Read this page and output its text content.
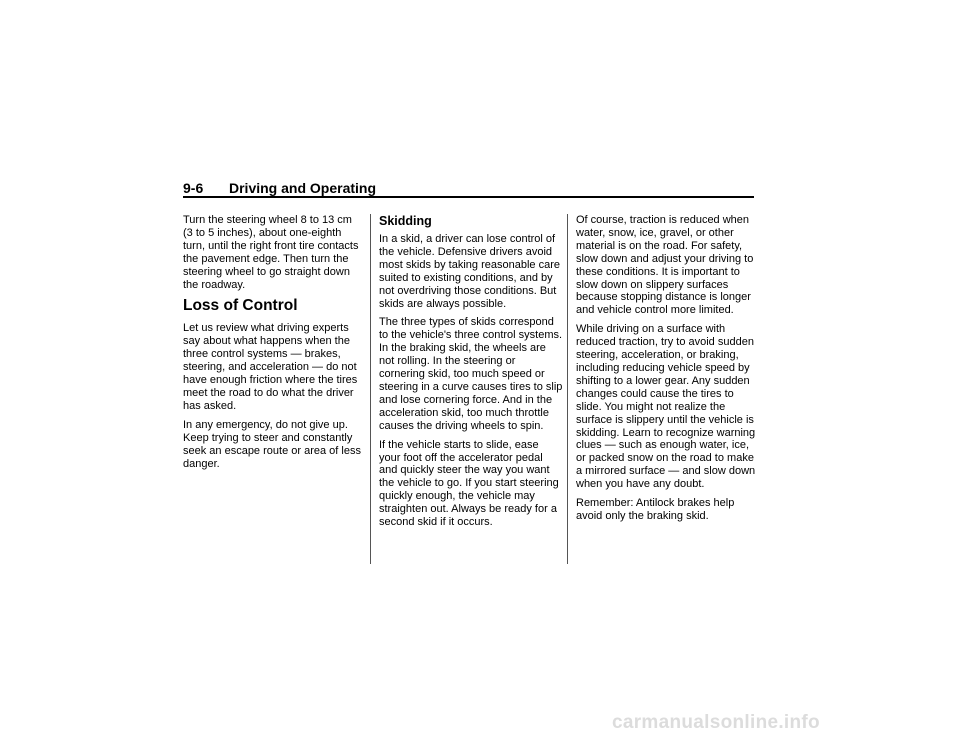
9-6 Driving and Operating

Turn the steering wheel 8 to 13 cm (3 to 5 inches), about one-eighth turn, until the right front tire contacts the pavement edge. Then turn the steering wheel to go straight down the roadway.

Loss of Control

Let us review what driving experts say about what happens when the three control systems — brakes, steering, and acceleration — do not have enough friction where the tires meet the road to do what the driver has asked.

In any emergency, do not give up. Keep trying to steer and constantly seek an escape route or area of less danger.

Skidding

In a skid, a driver can lose control of the vehicle. Defensive drivers avoid most skids by taking reasonable care suited to existing conditions, and by not overdriving those conditions. But skids are always possible.

The three types of skids correspond to the vehicle's three control systems. In the braking skid, the wheels are not rolling. In the steering or cornering skid, too much speed or steering in a curve causes tires to slip and lose cornering force. And in the acceleration skid, too much throttle causes the driving wheels to spin.

If the vehicle starts to slide, ease your foot off the accelerator pedal and quickly steer the way you want the vehicle to go. If you start steering quickly enough, the vehicle may straighten out. Always be ready for a second skid if it occurs.

Of course, traction is reduced when water, snow, ice, gravel, or other material is on the road. For safety, slow down and adjust your driving to these conditions. It is important to slow down on slippery surfaces because stopping distance is longer and vehicle control more limited.

While driving on a surface with reduced traction, try to avoid sudden steering, acceleration, or braking, including reducing vehicle speed by shifting to a lower gear. Any sudden changes could cause the tires to slide. You might not realize the surface is slippery until the vehicle is skidding. Learn to recognize warning clues — such as enough water, ice, or packed snow on the road to make a mirrored surface — and slow down when you have any doubt.

Remember: Antilock brakes help avoid only the braking skid.

carmanualsonline.info
